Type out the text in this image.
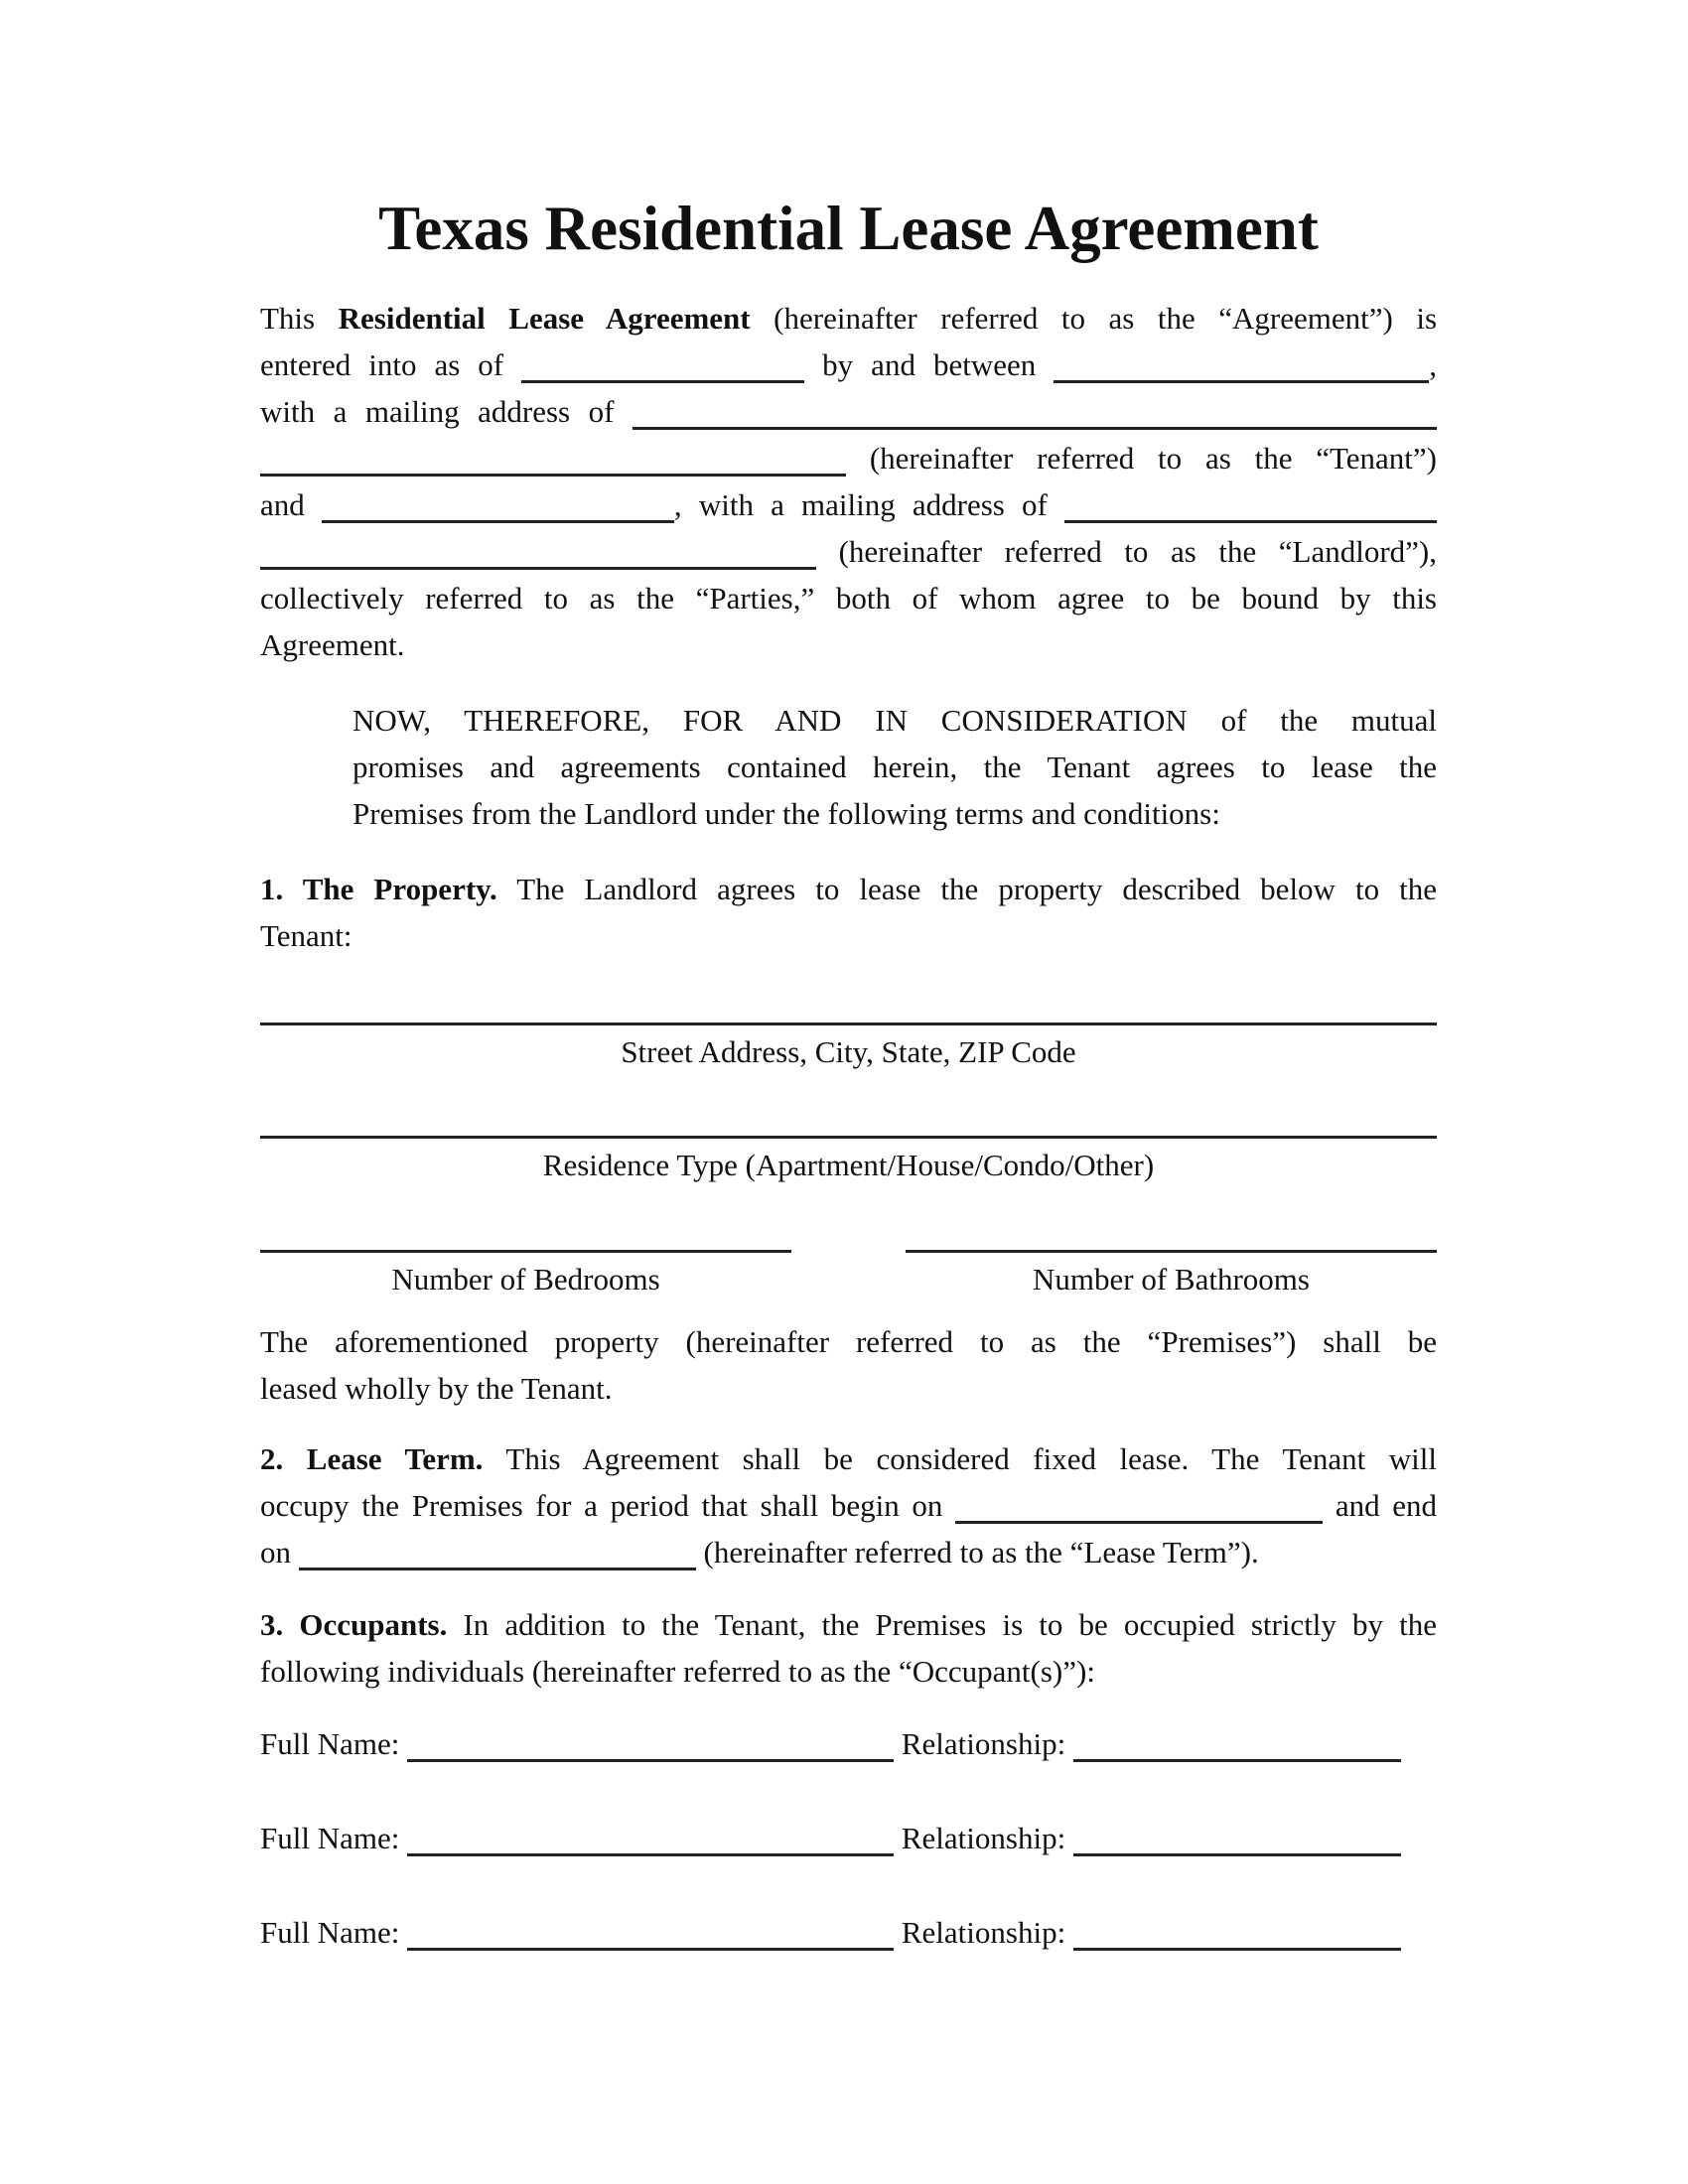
Texas Residential Lease Agreement
This Residential Lease Agreement (hereinafter referred to as the “Agreement”) is
entered into as of	by and between	,
with a mailing address of
(hereinafter referred to as the “Tenant”)
and	, with a mailing address of
(hereinafter referred to as the “Landlord”),
collectively referred to as the “Parties,” both of whom agree to be bound by this
Agreement.
NOW, THEREFORE, FOR AND IN CONSIDERATION of the mutual
promises and agreements contained herein, the Tenant agrees to lease the
Premises from the Landlord under the following terms and conditions:
1. The Property. The Landlord agrees to lease the property described below to the
Tenant:
Street Address, City, State, ZIP Code
Residence Type (Apartment/House/Condo/Other)
Number of Bedrooms	Number of Bathrooms
The aforementioned property (hereinafter referred to as the “Premises”) shall be
leased wholly by the Tenant.
2. Lease Term. This Agreement shall be considered fixed lease. The Tenant will
occupy the Premises for a period that shall begin on	and end
on	(hereinafter referred to as the “Lease Term”).
3. Occupants. In addition to the Tenant, the Premises is to be occupied strictly by the
following individuals (hereinafter referred to as the “Occupant(s)”):
Full Name:	Relationship:
Full Name:	Relationship:
Full Name:	Relationship:
